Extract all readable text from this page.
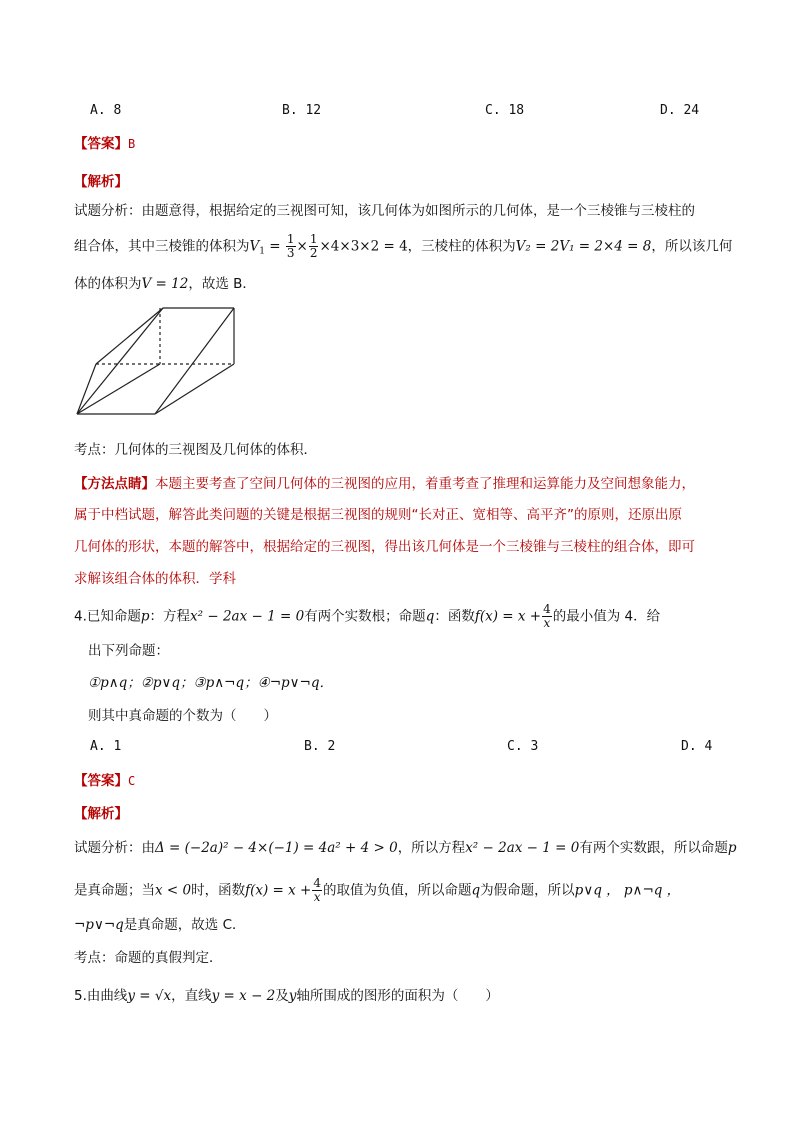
A. 8	B. 12	C. 18	D. 24
【答案】B
【解析】
试题分析：由题意得，根据给定的三视图可知，该几何体为如图所示的几何体，是一个三棱锥与三棱柱的
组合体，其中三棱锥的体积为$V_1 = \frac{1}{3} \times \frac{1}{2} \times 4\times 3\times 2 = 4$，三棱柱的体积为V₂ = 2V₁ = 2×4 = 8，所以该几何
体的体积为V = 12，故选 B．
考点：几何体的三视图及几何体的体积．
【方法点睛】本题主要考查了空间几何体的三视图的应用，着重考查了推理和运算能力及空间想象能力，
属于中档试题，解答此类问题的关键是根据三视图的规则“长对正、宽相等、高平齐”的原则，还原出原
几何体的形状，本题的解答中，根据给定的三视图，得出该几何体是一个三棱锥与三棱柱的组合体，即可
求解该组合体的体积．学科
4.已知命题p：方程x² − 2ax − 1 = 0有两个实数根；命题q：函数$f(x) = x + \frac{4}{x}$ 的最小值为 4．给
出下列命题：
①p∧q；②p∨q；③p∧¬q；④¬p∨¬q．
则其中真命题的个数为（　　）
A. 1	B. 2	C. 3	D. 4
【答案】C
【解析】
试题分析：由Δ = (−2a)² − 4×(−1) = 4a² + 4 > 0，所以方程x² − 2ax − 1 = 0有两个实数跟，所以命题p
是真命题；当x < 0时，函数$f(x) = x + \frac{4}{x}$ 的取值为负值，所以命题q为假命题，所以p∨q ， p∧¬q ，
¬p∨¬q是真命题，故选 C．
考点：命题的真假判定．
5.由曲线y = √x，直线y = x − 2及y轴所围成的图形的面积为（　　）
